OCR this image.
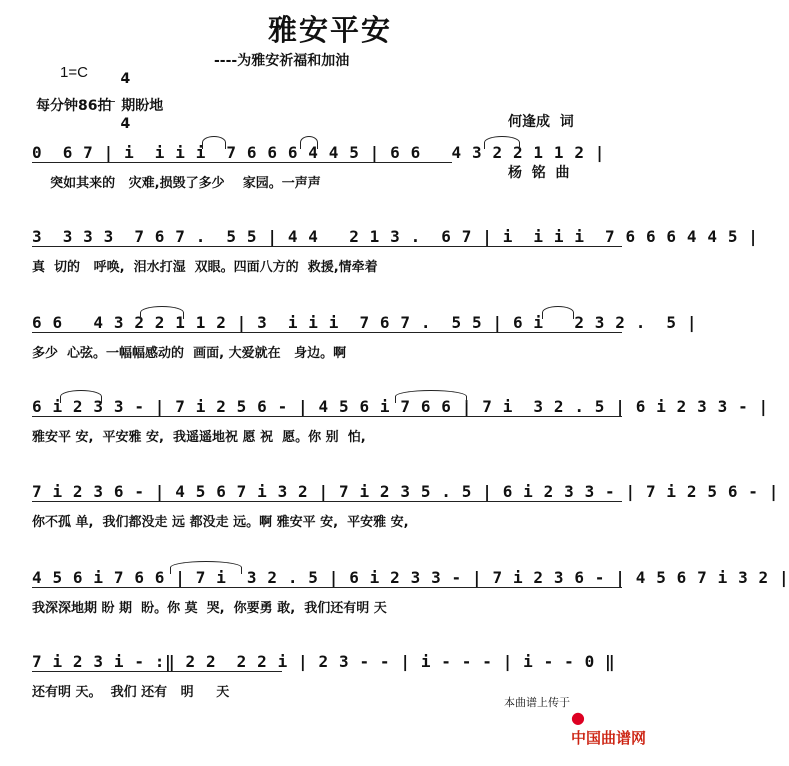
雅安平安
----为雅安祈福和加油
1=C	4

4

每分钟86拍  期盼地

何逢成  词

杨  铭  曲

0  6 7 | i  i i i  7 6 6 6 4 4 5 | 6 6   4 3 2 2 1 1 2 |
突如其来的   灾难,损毁了多少    家园。一声声
3  3 3 3  7 6 7 .  5 5 | 4 4   2 1 3 .  6 7 | i  i i i  7 6 6 6 4 4 5 |
真  切的   呼唤,  泪水打湿  双眼。四面八方的  救援,情牵着
6 6   4 3 2 2 1 1 2 | 3  i i i  7 6 7 .  5 5 | 6 i   2 3 2 .  5 |
多少  心弦。一幅幅感动的  画面, 大爱就在   身边。啊
6 i 2 3 3 - | 7 i 2 5 6 - | 4 5 6 i 7 6 6 | 7 i  3 2 . 5 | 6 i 2 3 3 - |
雅安平 安,  平安雅 安,  我遥遥地祝 愿 祝  愿。你 别  怕,
7 i 2 3 6 - | 4 5 6 7 i 3 2 | 7 i 2 3 5 . 5 | 6 i 2 3 3 - | 7 i 2 5 6 - |
你不孤 单,  我们都没走 远 都没走 远。啊 雅安平 安,  平安雅 安,
4 5 6 i 7 6 6 | 7 i  3 2 . 5 | 6 i 2 3 3 - | 7 i 2 3 6 - | 4 5 6 7 i 3 2 |
我深深地期 盼 期  盼。你 莫  哭,  你要勇 敢,  我们还有明 天
7 i 2 3 i - :‖ 2 2  2 2 i | 2 3 - - | i - - - | i - - 0 ‖
还有明 天。  我们 还有   明     天
本曲谱上传于

●
中国曲谱网
